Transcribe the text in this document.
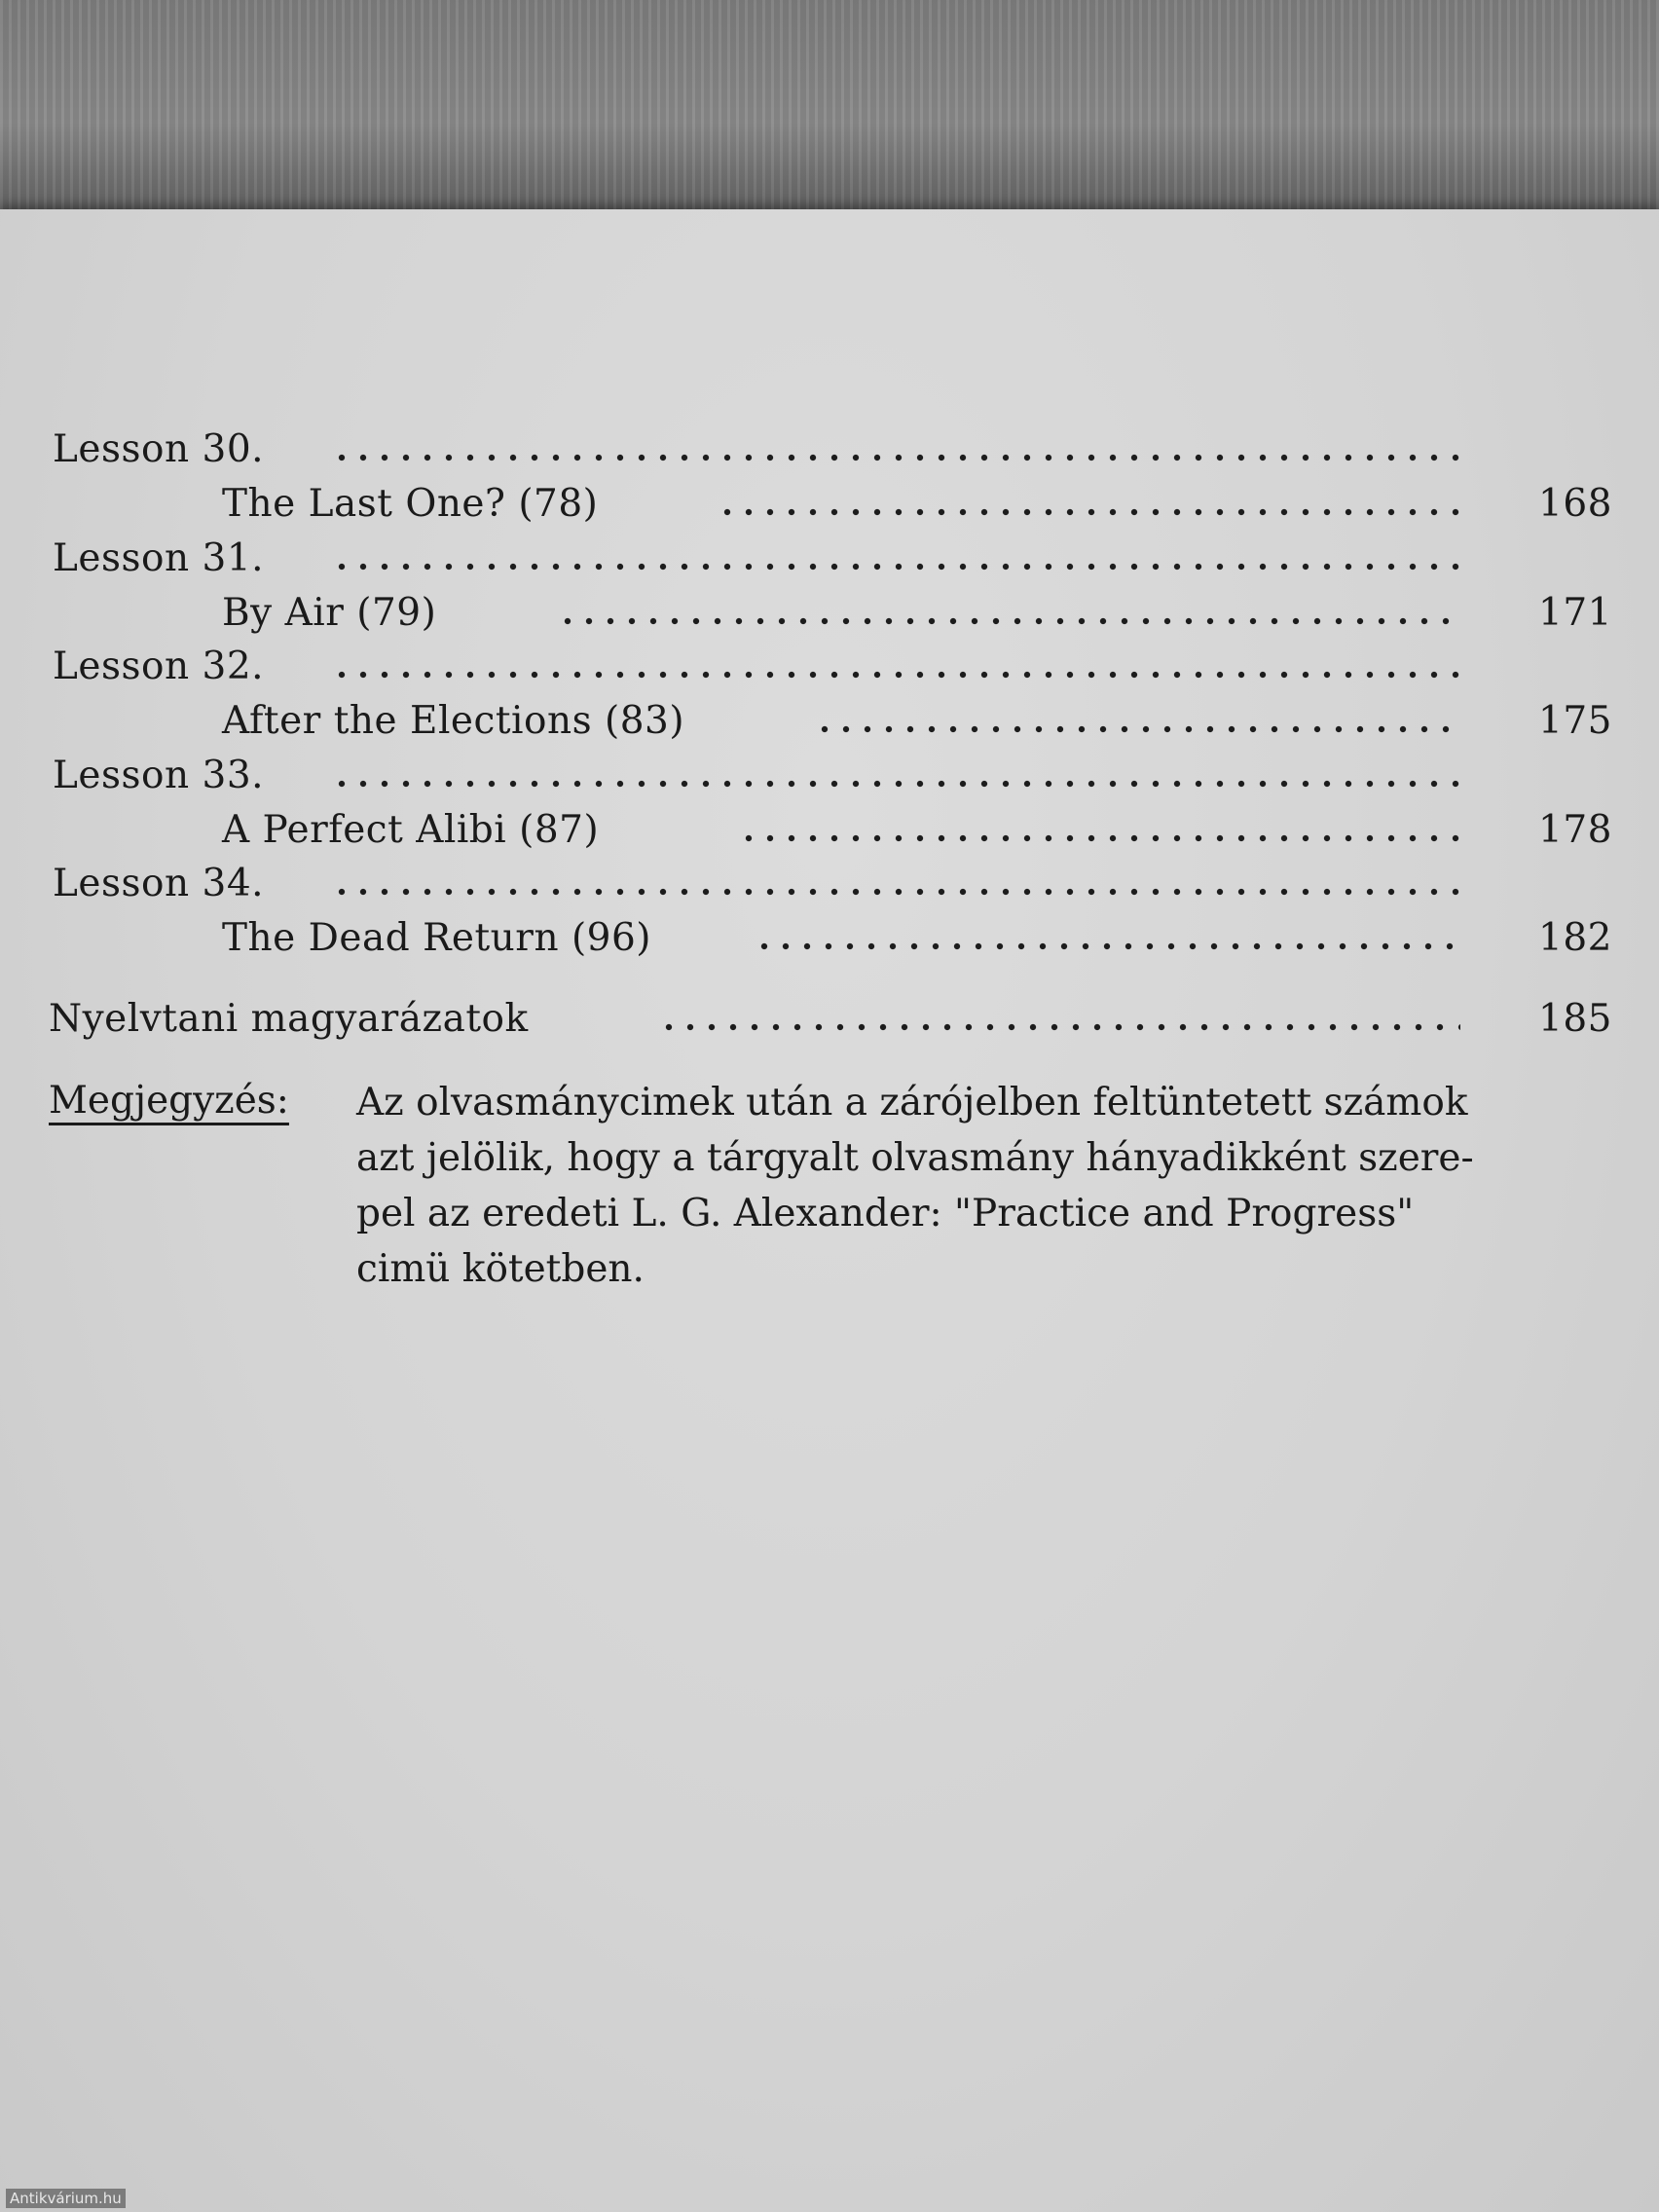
Lesson 30.
The Last One? (78)	168
Lesson 31.
By Air (79)	171
Lesson 32.
After the Elections (83)	175
Lesson 33.
A Perfect Alibi (87)	178
Lesson 34.
The Dead Return (96)	182
Nyelvtani magyarázatok	185
Megjegyzés: Az olvasmánycimek után a zárójelben feltüntetett számok
azt jelölik, hogy a tárgyalt olvasmány hányadikként szere-
pel az eredeti L. G. Alexander: "Practice and Progress"
cimü kötetben.
Antikvárium.hu
